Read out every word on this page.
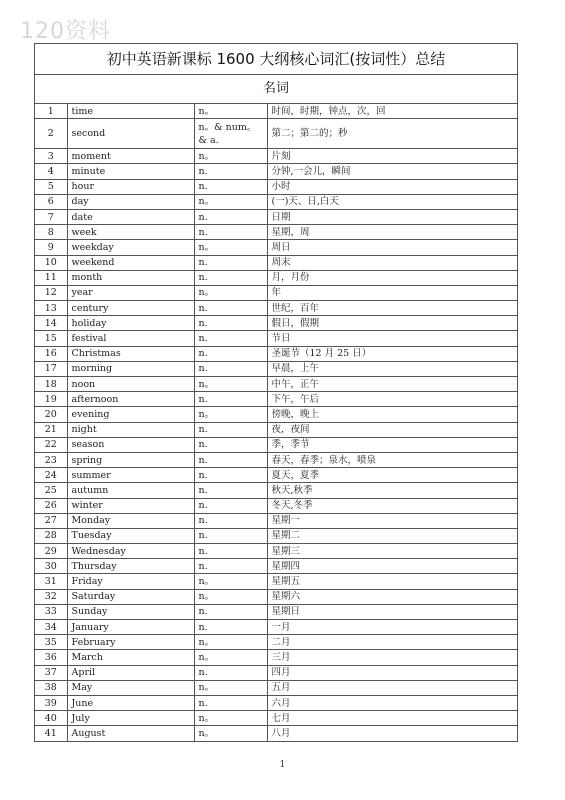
120资料
初中英语新课标 1600 大纲核心词汇(按词性）总结
名词
1	time	n。	时间，时期，钟点，次，回
2	second	n。& num。 & a.	第二；第二的；秒
3	moment	n。	片刻
4	minute	n.	分钟,一会儿，瞬间
5	hour	n.	小时
6	day	n。	(一)天、日,白天
7	date	n.	日期
8	week	n.	星期，周
9	weekday	n。	周日
10	weekend	n.	周末
11	month	n.	月，月份
12	year	n。	年
13	century	n.	世纪，百年
14	holiday	n.	假日，假期
15	festival	n.	节日
16	Christmas	n.	圣诞节（12 月 25 日）
17	morning	n.	早晨，上午
18	noon	n。	中午，正午
19	afternoon	n.	下午，午后
20	evening	n。	傍晚，晚上
21	night	n.	夜，夜间
22	season	n.	季，季节
23	spring	n.	春天，春季；泉水，喷泉
24	summer	n.	夏天，夏季
25	autumn	n.	秋天,秋季
26	winter	n.	冬天,冬季
27	Monday	n.	星期一
28	Tuesday	n.	星期二
29	Wednesday	n.	星期三
30	Thursday	n.	星期四
31	Friday	n。	星期五
32	Saturday	n。	星期六
33	Sunday	n.	星期日
34	January	n.	一月
35	February	n。	二月
36	March	n。	三月
37	April	n.	四月
38	May	n。	五月
39	June	n.	六月
40	July	n。	七月
41	August	n。	八月
1
